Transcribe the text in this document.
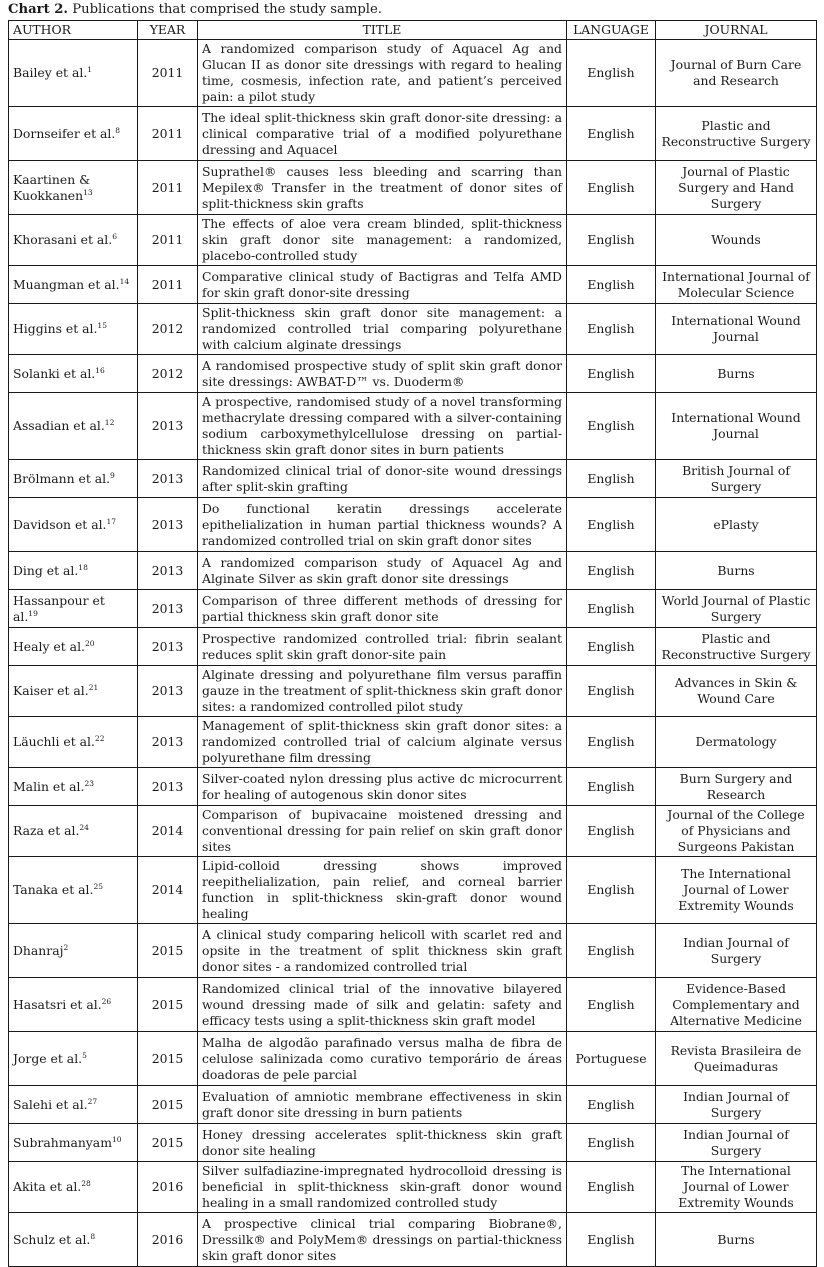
Chart 2. Publications that comprised the study sample.
AUTHOR	YEAR	TITLE	LANGUAGE	JOURNAL
Bailey et al.$^1$	2011	A randomized comparison study of Aquacel Ag and Glucan II as donor site dressings with regard to healing time, cosmesis, infection rate, and patient’s perceived pain: a pilot study	English	Journal of Burn Care and Research
Dornseifer et al.$^8$	2011	The ideal split-thickness skin graft donor-site dressing: a clinical comparative trial of a modified polyurethane dressing and Aquacel	English	Plastic and Reconstructive Surgery
Kaartinen & Kuokkanen$^{13}$	2011	Suprathel® causes less bleeding and scarring than Mepilex® Transfer in the treatment of donor sites of split-thickness skin grafts	English	Journal of Plastic Surgery and Hand Surgery
Khorasani et al.$^6$	2011	The effects of aloe vera cream blinded, split-thickness skin graft donor site management: a randomized, placebo-controlled study	English	Wounds
Muangman et al.$^{14}$	2011	Comparative clinical study of Bactigras and Telfa AMD for skin graft donor-site dressing	English	International Journal of Molecular Science
Higgins et al.$^{15}$	2012	Split-thickness skin graft donor site management: a randomized controlled trial comparing polyurethane with calcium alginate dressings	English	International Wound Journal
Solanki et al.$^{16}$	2012	A randomised prospective study of split skin graft donor site dressings: AWBAT-D™ vs. Duoderm®	English	Burns
Assadian et al.$^{12}$	2013	A prospective, randomised study of a novel transforming methacrylate dressing compared with a silver-containing sodium carboxymethylcellulose dressing on partial-thickness skin graft donor sites in burn patients	English	International Wound Journal
Brölmann et al.$^9$	2013	Randomized clinical trial of donor-site wound dressings after split-skin grafting	English	British Journal of Surgery
Davidson et al.$^{17}$	2013	Do functional keratin dressings accelerate epithelialization in human partial thickness wounds? A randomized controlled trial on skin graft donor sites	English	ePlasty
Ding et al.$^{18}$	2013	A randomized comparison study of Aquacel Ag and Alginate Silver as skin graft donor site dressings	English	Burns
Hassanpour et al.$^{19}$	2013	Comparison of three different methods of dressing for partial thickness skin graft donor site	English	World Journal of Plastic Surgery
Healy et al.$^{20}$	2013	Prospective randomized controlled trial: fibrin sealant reduces split skin graft donor-site pain	English	Plastic and Reconstructive Surgery
Kaiser et al.$^{21}$	2013	Alginate dressing and polyurethane film versus paraffin gauze in the treatment of split-thickness skin graft donor sites: a randomized controlled pilot study	English	Advances in Skin & Wound Care
Läuchli et al.$^{22}$	2013	Management of split-thickness skin graft donor sites: a randomized controlled trial of calcium alginate versus polyurethane film dressing	English	Dermatology
Malin et al.$^{23}$	2013	Silver-coated nylon dressing plus active dc microcurrent for healing of autogenous skin donor sites	English	Burn Surgery and Research
Raza et al.$^{24}$	2014	Comparison of bupivacaine moistened dressing and conventional dressing for pain relief on skin graft donor sites	English	Journal of the College of Physicians and Surgeons Pakistan
Tanaka et al.$^{25}$	2014	Lipid-colloid dressing shows improved reepithelialization, pain relief, and corneal barrier function in split-thickness skin-graft donor wound healing	English	The International Journal of Lower Extremity Wounds
Dhanraj$^2$	2015	A clinical study comparing helicoll with scarlet red and opsite in the treatment of split thickness skin graft donor sites - a randomized controlled trial	English	Indian Journal of Surgery
Hasatsri et al.$^{26}$	2015	Randomized clinical trial of the innovative bilayered wound dressing made of silk and gelatin: safety and efficacy tests using a split-thickness skin graft model	English	Evidence-Based Complementary and Alternative Medicine
Jorge et al.$^5$	2015	Malha de algodão parafinado versus malha de fibra de celulose salinizada como curativo temporário de áreas doadoras de pele parcial	Portuguese	Revista Brasileira de Queimaduras
Salehi et al.$^{27}$	2015	Evaluation of amniotic membrane effectiveness in skin graft donor site dressing in burn patients	English	Indian Journal of Surgery
Subrahmanyam$^{10}$	2015	Honey dressing accelerates split-thickness skin graft donor site healing	English	Indian Journal of Surgery
Akita et al.$^{28}$	2016	Silver sulfadiazine-impregnated hydrocolloid dressing is beneficial in split-thickness skin-graft donor wound healing in a small randomized controlled study	English	The International Journal of Lower Extremity Wounds
Schulz et al.$^8$	2016	A prospective clinical trial comparing Biobrane®, Dressilk® and PolyMem® dressings on partial-thickness skin graft donor sites	English	Burns
